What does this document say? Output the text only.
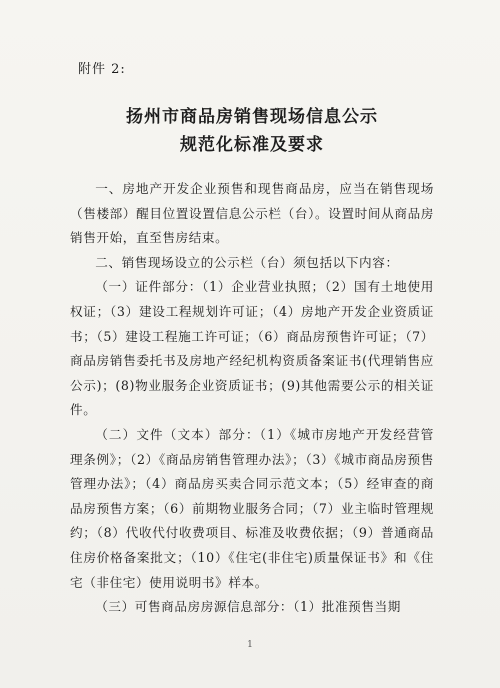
附件 2:

扬州市商品房销售现场信息公示

规范化标准及要求

一、房地产开发企业预售和现售商品房，应当在销售现场（售楼部）醒目位置设置信息公示栏（台）。设置时间从商品房销售开始，直至售房结束。

二、销售现场设立的公示栏（台）须包括以下内容：

（一）证件部分：（1）企业营业执照；（2）国有土地使用权证；（3）建设工程规划许可证；（4）房地产开发企业资质证书；（5）建设工程施工许可证；（6）商品房预售许可证；（7）商品房销售委托书及房地产经纪机构资质备案证书(代理销售应公示)；(8)物业服务企业资质证书；(9)其他需要公示的相关证件。

（二）文件（文本）部分：（1）《城市房地产开发经营管理条例》；（2）《商品房销售管理办法》；（3）《城市商品房预售管理办法》；（4）商品房买卖合同示范文本；（5）经审查的商品房预售方案；（6）前期物业服务合同；（7）业主临时管理规约；（8）代收代付收费项目、标准及收费依据；（9）普通商品住房价格备案批文；（10）《住宅(非住宅)质量保证书》和《住宅（非住宅）使用说明书》样本。

（三）可售商品房房源信息部分：（1）批准预售当期

1
